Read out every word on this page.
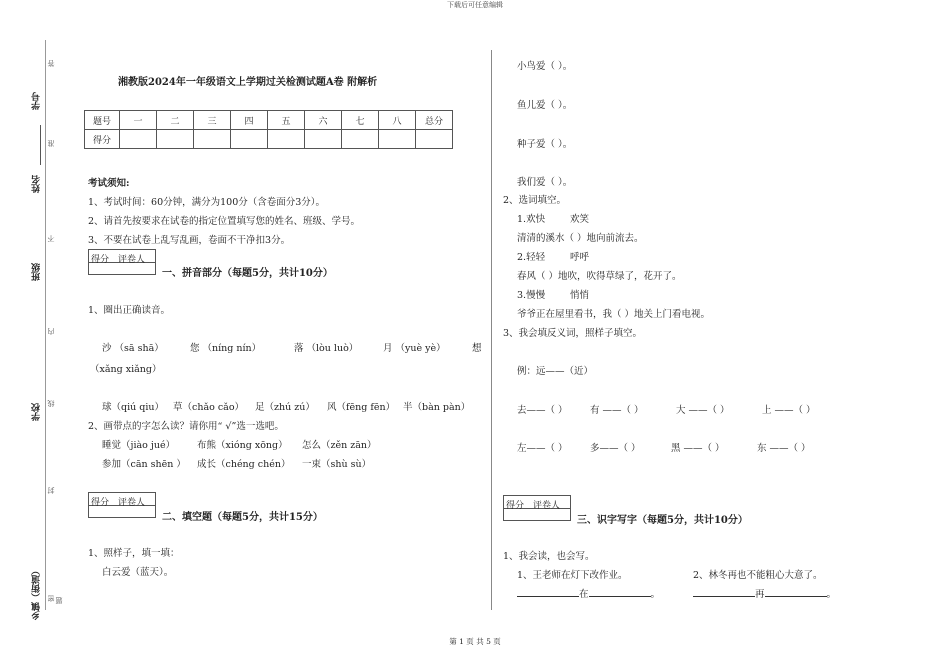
下载后可任意编辑
学号
姓名
班级
学校
乡镇（街道） 密
封
线
内
不
准
答
题
湘教版2024年一年级语文上学期过关检测试题A卷 附解析
题号	一	二	三	四	五	六	七	八	总分
得分									
考试须知:
1、考试时间：60分钟，满分为100分（含卷面分3分）。
2、请首先按要求在试卷的指定位置填写您的姓名、班级、学号。
3、不要在试卷上乱写乱画，卷面不干净扣3分。
得分 评卷人
一、拼音部分（每题5分，共计10分）
1、圈出正确读音。
沙 （sā shā）	您 （níng nín）	落 （lòu luò）	月 （yuè yè）	想
（xǎng xiǎng）
球（qiú qiu） 草（chǎo cǎo） 足（zhú zú） 风（fēng fēn） 半（bàn pàn）
2、画带点的字怎么读？请你用“ √”选一选吧。
睡觉（jiào jué） 布熊（xióng xōng） 怎么（zěn zān）
参加（cān shēn ） 成长（chéng chén） 一束（shù sù）
得分 评卷人
二、填空题（每题5分，共计15分）
1、照样子，填一填：
白云爱（蓝天）。
小鸟爱（ ）。
鱼儿爱（ ）。
种子爱（ ）。
我们爱（ ）。
2、选词填空。
1.欢快	欢笑
清清的溪水（ ）地向前流去。
2.轻轻	呼呼
春风（ ）地吹，吹得草绿了，花开了。
3.慢慢	悄悄
爷爷正在屋里看书，我（ ）地关上门看电视。
3、我会填反义词，照样子填空。
例：远——（近）
去——（ ） 有 ——（ ）	大 ——（ ）	上 ——（ ）
左——（ ） 多——（ ）	黑 ——（ ）	东 ——（ ）
得分 评卷人
三、识字写字（每题5分，共计10分）
1、我会读，也会写。
1、王老师在灯下改作业。	2、林冬再也不能粗心大意了。
在	。	再	。
第 1 页 共 5 页
